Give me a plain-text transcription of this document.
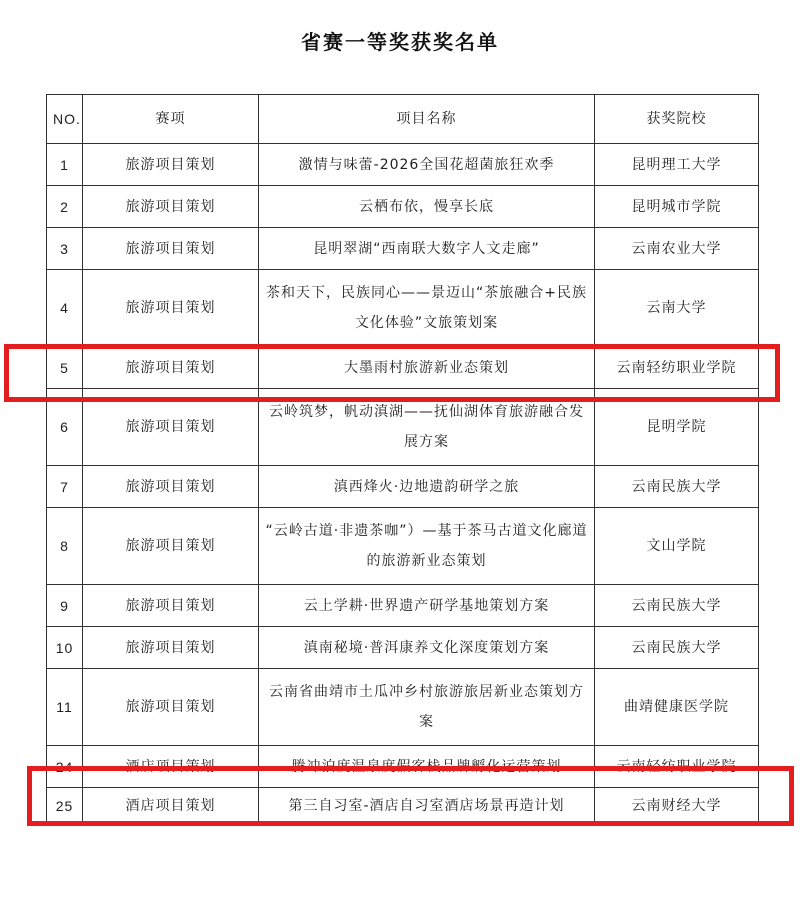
省赛一等奖获奖名单
NO.	赛项	项目名称	获奖院校
1	旅游项目策划	激情与味蕾-2026全国花超菌旅狂欢季	昆明理工大学
2	旅游项目策划	云栖布依，慢享长底	昆明城市学院
3	旅游项目策划	昆明翠湖“西南联大数字人文走廊”	云南农业大学
4	旅游项目策划	茶和天下，民族同心——景迈山“茶旅融合+民族文化体验”文旅策划案	云南大学
5	旅游项目策划	大墨雨村旅游新业态策划	云南轻纺职业学院
6	旅游项目策划	云岭筑梦，帆动滇湖——抚仙湖体育旅游融合发展方案	昆明学院
7	旅游项目策划	滇西烽火·边地遗韵研学之旅	云南民族大学
8	旅游项目策划	“云岭古道·非遗茶咖”）—基于茶马古道文化廊道的旅游新业态策划	文山学院
9	旅游项目策划	云上学耕·世界遗产研学基地策划方案	云南民族大学
10	旅游项目策划	滇南秘境·普洱康养文化深度策划方案	云南民族大学
11	旅游项目策划	云南省曲靖市土瓜冲乡村旅游旅居新业态策划方案	曲靖健康医学院
24	酒店项目策划	腾冲泊度温泉度假客栈品牌孵化运营策划	云南轻纺职业学院
25	酒店项目策划	第三自习室-酒店自习室酒店场景再造计划	云南财经大学
